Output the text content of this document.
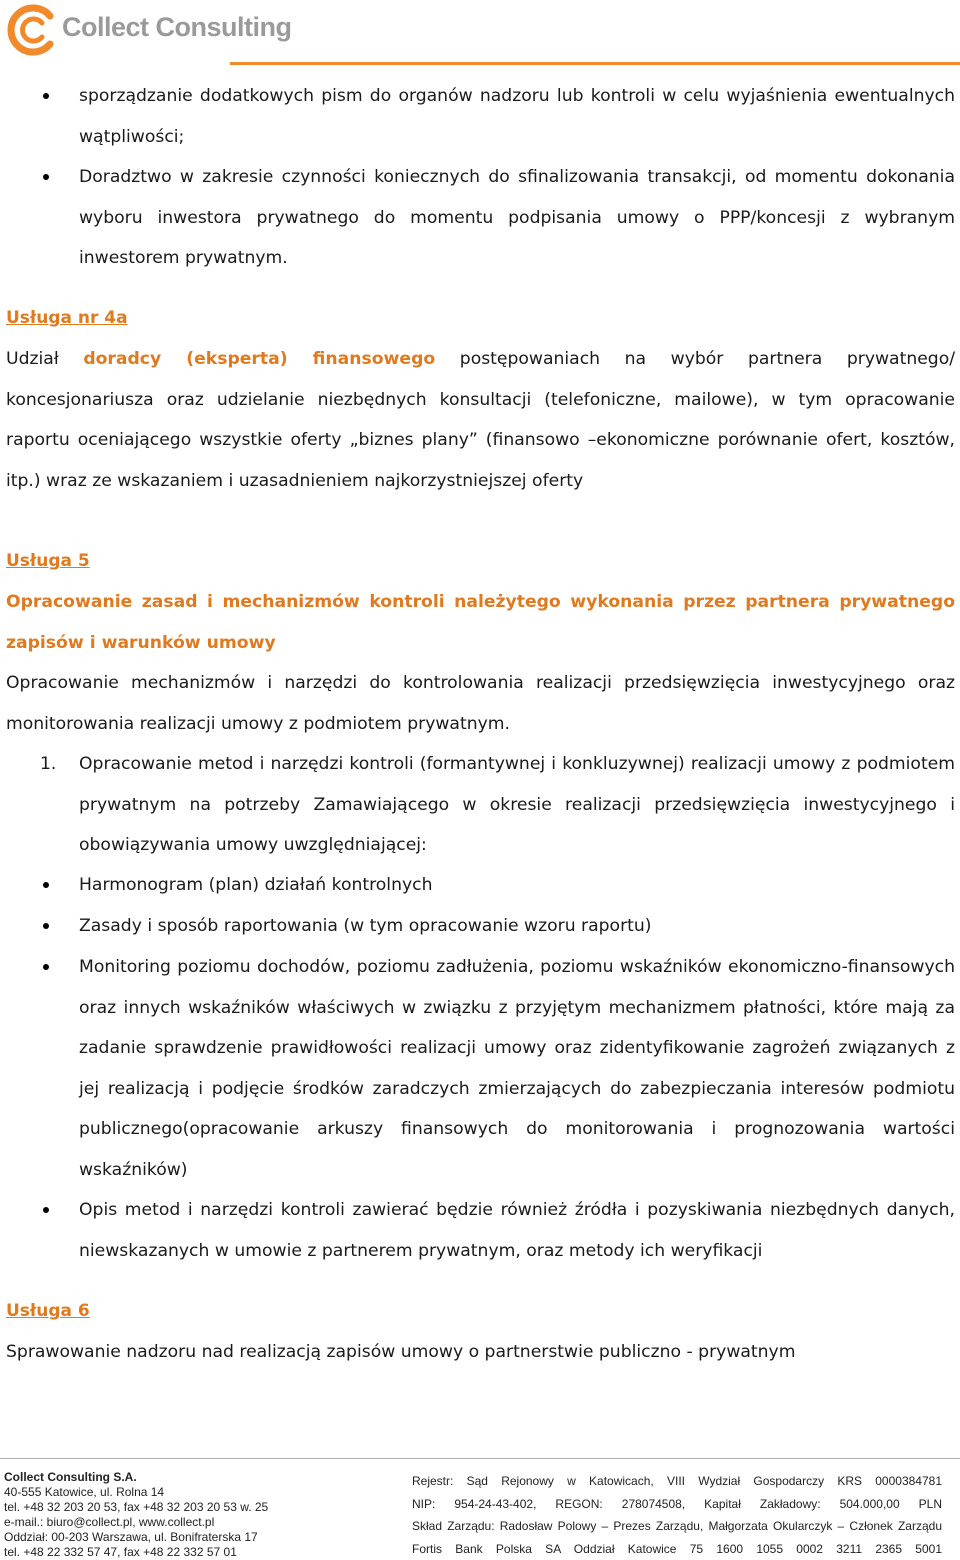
Collect Consulting

sporządzanie dodatkowych pism do organów nadzoru lub kontroli w celu wyjaśnienia ewentualnych wątpliwości;

Doradztwo w zakresie czynności koniecznych do sfinalizowania transakcji, od momentu dokonania wyboru inwestora prywatnego do momentu podpisania umowy o PPP/koncesji z wybranym inwestorem prywatnym.

Usługa nr 4a

Udział doradcy (eksperta) finansowego postępowaniach na wybór partnera prywatnego/ koncesjonariusza oraz udzielanie niezbędnych konsultacji (telefoniczne, mailowe), w tym opracowanie raportu oceniającego wszystkie oferty „biznes plany” (finansowo –ekonomiczne porównanie ofert, kosztów, itp.) wraz ze wskazaniem i uzasadnieniem najkorzystniejszej oferty

Usługa 5

Opracowanie zasad i mechanizmów kontroli należytego wykonania przez partnera prywatnego zapisów i warunków umowy

Opracowanie mechanizmów i narzędzi do kontrolowania realizacji przedsięwzięcia inwestycyjnego oraz monitorowania realizacji umowy z podmiotem prywatnym.

1. Opracowanie metod i narzędzi kontroli (formantywnej i konkluzywnej) realizacji umowy z podmiotem prywatnym na potrzeby Zamawiającego w okresie realizacji przedsięwzięcia inwestycyjnego i obowiązywania umowy uwzględniającej:

Harmonogram (plan) działań kontrolnych

Zasady i sposób raportowania (w tym opracowanie wzoru raportu)

Monitoring poziomu dochodów, poziomu zadłużenia, poziomu wskaźników ekonomiczno-finansowych oraz innych wskaźników właściwych w związku z przyjętym mechanizmem płatności, które mają za zadanie sprawdzenie prawidłowości realizacji umowy oraz zidentyfikowanie zagrożeń związanych z jej realizacją i podjęcie środków zaradczych zmierzających do zabezpieczania interesów podmiotu publicznego(opracowanie arkuszy finansowych do monitorowania i prognozowania wartości wskaźników)

Opis metod i narzędzi kontroli zawierać będzie również źródła i pozyskiwania niezbędnych danych, niewskazanych w umowie z partnerem prywatnym, oraz metody ich weryfikacji

Usługa 6

Sprawowanie nadzoru nad realizacją zapisów umowy o partnerstwie publiczno - prywatnym

Collect Consulting S.A.
40-555 Katowice, ul. Rolna 14
tel. +48 32 203 20 53, fax +48 32 203 20 53 w. 25
e-mail.: biuro@collect.pl, www.collect.pl
Oddział: 00-203 Warszawa, ul. Bonifraterska 17
tel. +48 22 332 57 47, fax +48 22 332 57 01
Rejestr: Sąd Rejonowy w Katowicach, VIII Wydział Gospodarczy KRS 0000384781
NIP: 954-24-43-402, REGON: 278074508, Kapitał Zakładowy: 504.000,00 PLN
Skład Zarządu: Radosław Polowy – Prezes Zarządu, Małgorzata Okularczyk – Członek Zarządu
Fortis Bank Polska SA Oddział Katowice 75 1600 1055 0002 3211 2365 5001
